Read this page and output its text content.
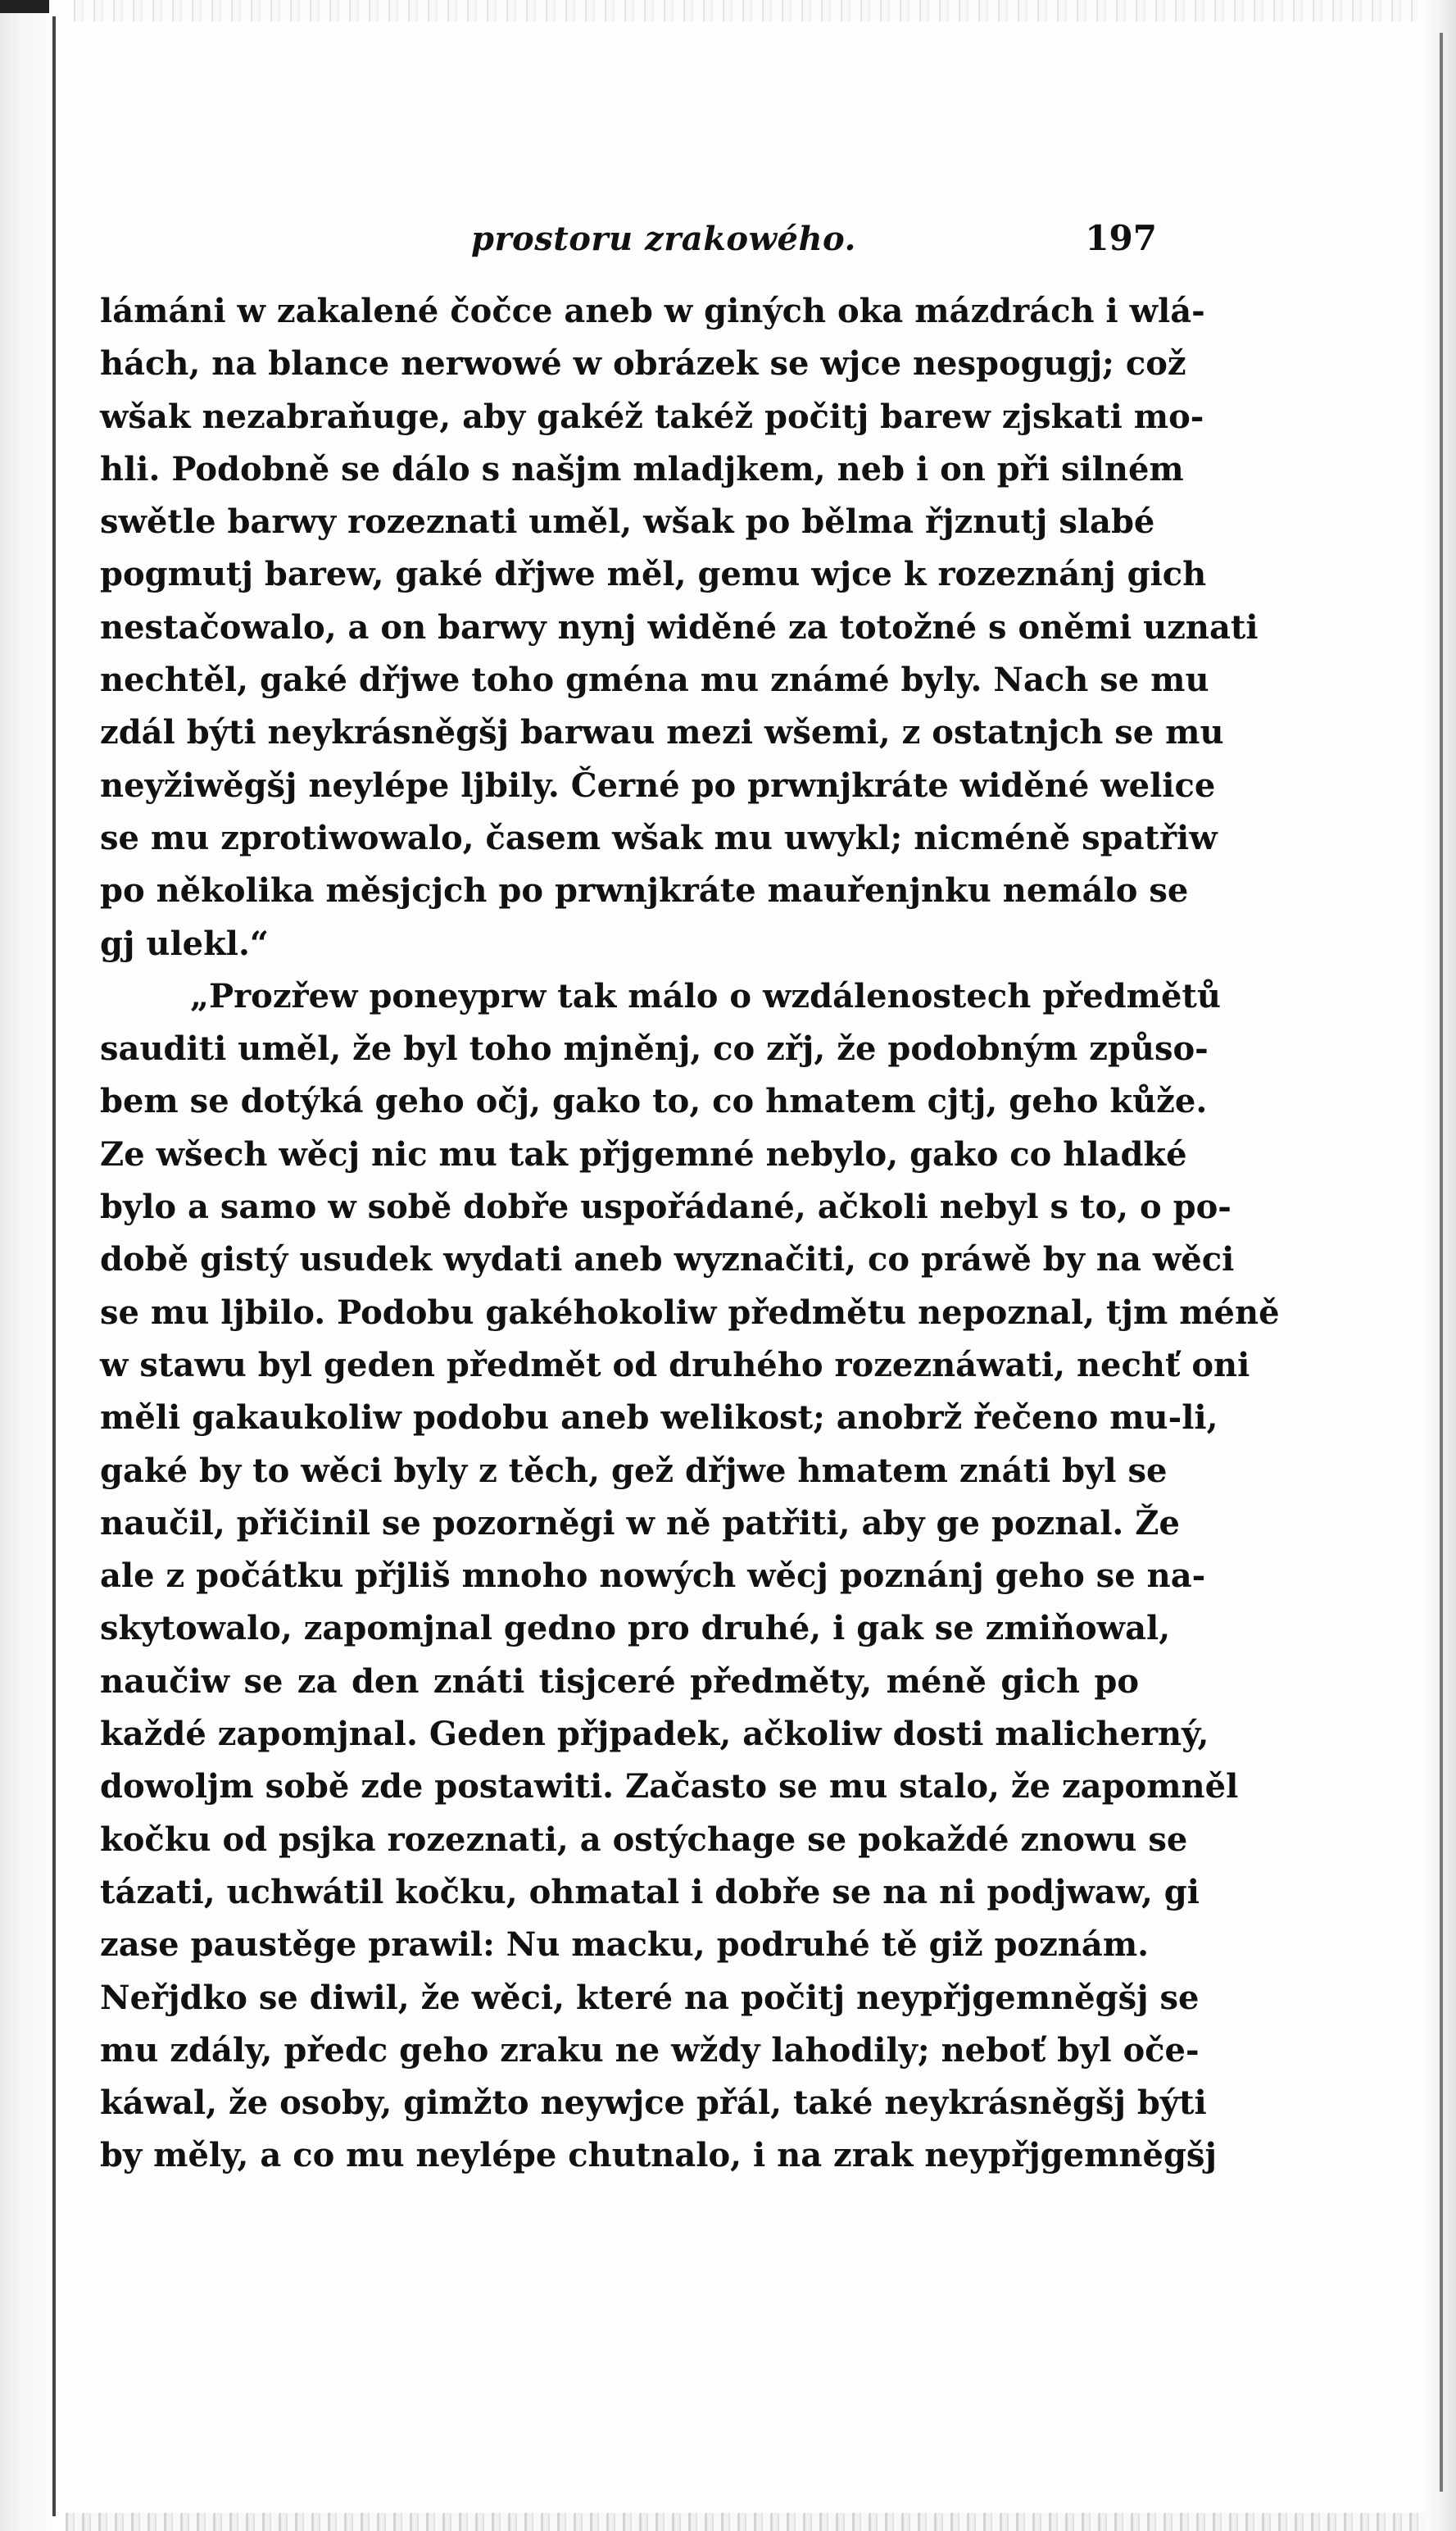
prostoru zrakowého.	197
lámáni w zakalené čočce aneb w giných oka mázdrách i wlá-
hách, na blance nerwowé w obrázek se wjce nespogugj; což
wšak nezabraňuge, aby gakéž takéž počitj barew zjskati mo-
hli. Podobně se dálo s našjm mladjkem, neb i on při silném
swětle barwy rozeznati uměl, wšak po bělma řjznutj slabé
pogmutj barew, gaké dřjwe měl, gemu wjce k rozeznánj gich
nestačowalo, a on barwy nynj widěné za totožné s oněmi uznati
nechtěl, gaké dřjwe toho gména mu známé byly. Nach se mu
zdál býti neykrásněgšj barwau mezi wšemi, z ostatnjch se mu
neyžiwěgšj neylépe ljbily. Černé po prwnjkráte widěné welice
se mu zprotiwowalo, časem wšak mu uwykl; nicméně spatřiw
po několika měsjcjch po prwnjkráte mauřenjnku nemálo se
gj ulekl.“
„Prozřew poneyprw tak málo o wzdálenostech předmětů
sauditi uměl, že byl toho mjněnj, co zřj, že podobným způso-
bem se dotýká geho očj, gako to, co hmatem cjtj, geho kůže.
Ze wšech wěcj nic mu tak přjgemné nebylo, gako co hladké
bylo a samo w sobě dobře uspořádané, ačkoli nebyl s to, o po-
době gistý usudek wydati aneb wyznačiti, co práwě by na wěci
se mu ljbilo. Podobu gakéhokoliw předmětu nepoznal, tjm méně
w stawu byl geden předmět od druhého rozeznáwati, nechť oni
měli gakaukoliw podobu aneb welikost; anobrž řečeno mu-li,
gaké by to wěci byly z těch, gež dřjwe hmatem znáti byl se
naučil, přičinil se pozorněgi w ně patřiti, aby ge poznal. Že
ale z počátku přjliš mnoho nowých wěcj poznánj geho se na-
skytowalo, zapomjnal gedno pro druhé, i gak se zmiňowal,
naučiw se za den znáti tisjceré předměty, méně gich po
každé zapomjnal. Geden přjpadek, ačkoliw dosti malicherný,
dowoljm sobě zde postawiti. Začasto se mu stalo, že zapomněl
kočku od psjka rozeznati, a ostýchage se pokaždé znowu se
tázati, uchwátil kočku, ohmatal i dobře se na ni podjwaw, gi
zase paustěge prawil: Nu macku, podruhé tě giž poznám.
Neřjdko se diwil, že wěci, které na počitj neypřjgemněgšj se
mu zdály, předc geho zraku ne wždy lahodily; neboť byl oče-
káwal, že osoby, gimžto neywjce přál, také neykrásněgšj býti
by měly, a co mu neylépe chutnalo, i na zrak neypřjgemněgšj
